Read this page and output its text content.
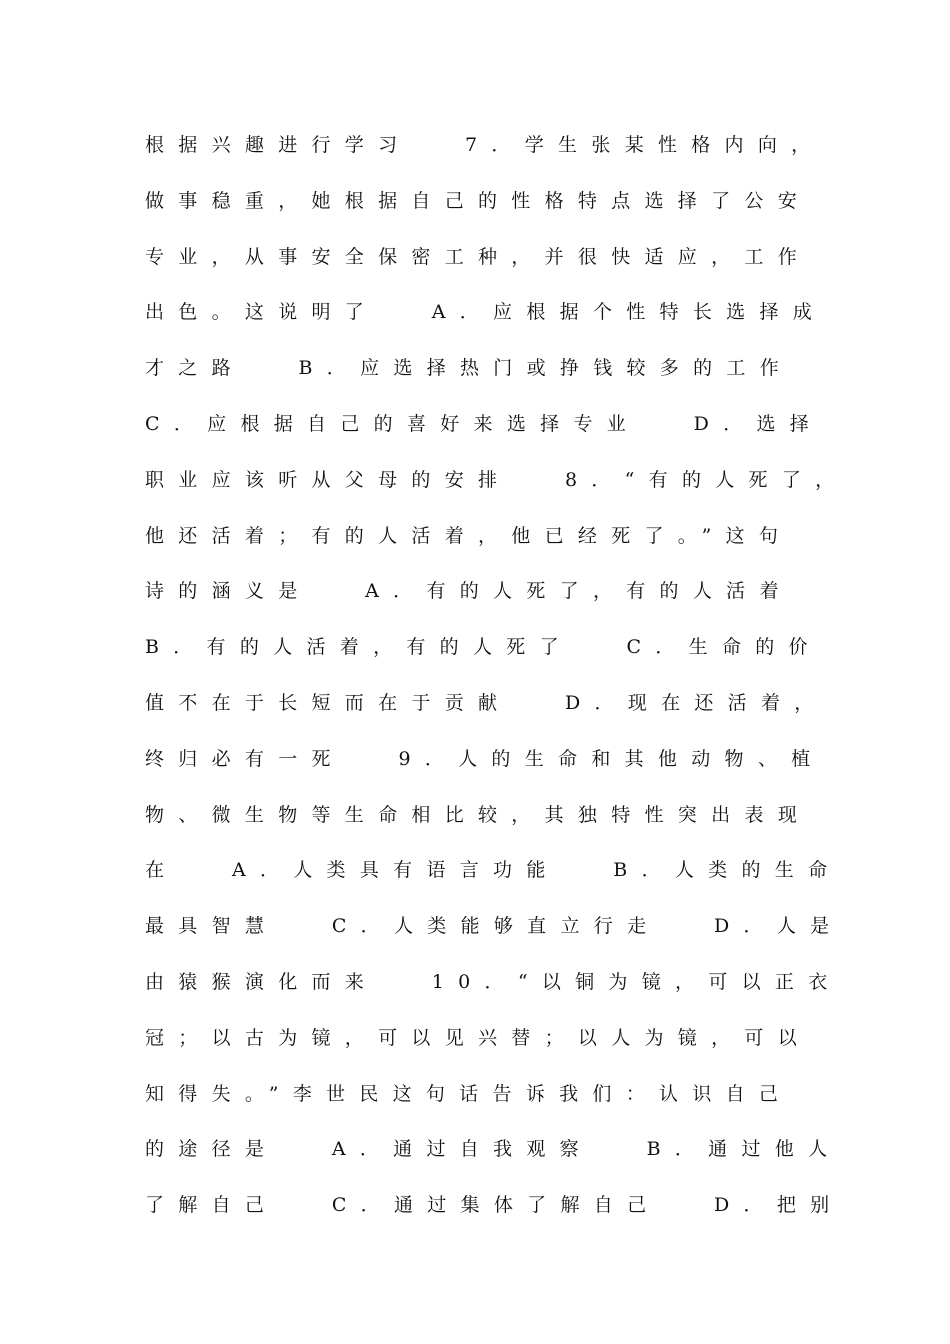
根据兴趣进行学习　 7．学生张某性格内向，
做事稳重，她根据自己的性格特点选择了公安
专业，从事安全保密工种，并很快适应，工作
出色。这说明了　 A．应根据个性特长选择成
才之路　 B．应选择热门或挣钱较多的工作
C．应根据自己的喜好来选择专业　 D．选择
职业应该听从父母的安排　 8．“有的人死了，
他还活着；有的人活着，他已经死了。”这句
诗的涵义是　 A．有的人死了，有的人活着
B．有的人活着，有的人死了　 C．生命的价
值不在于长短而在于贡献　 D．现在还活着，
终归必有一死　 9．人的生命和其他动物、植
物、微生物等生命相比较，其独特性突出表现
在　 A．人类具有语言功能　 B．人类的生命
最具智慧　 C．人类能够直立行走　 D．人是
由猿猴演化而来　 10．“以铜为镜，可以正衣
冠；以古为镜，可以见兴替；以人为镜，可以
知得失。”李世民这句话告诉我们：认识自己
的途径是　 A．通过自我观察　 B．通过他人
了解自己　 C．通过集体了解自己　 D．把别
